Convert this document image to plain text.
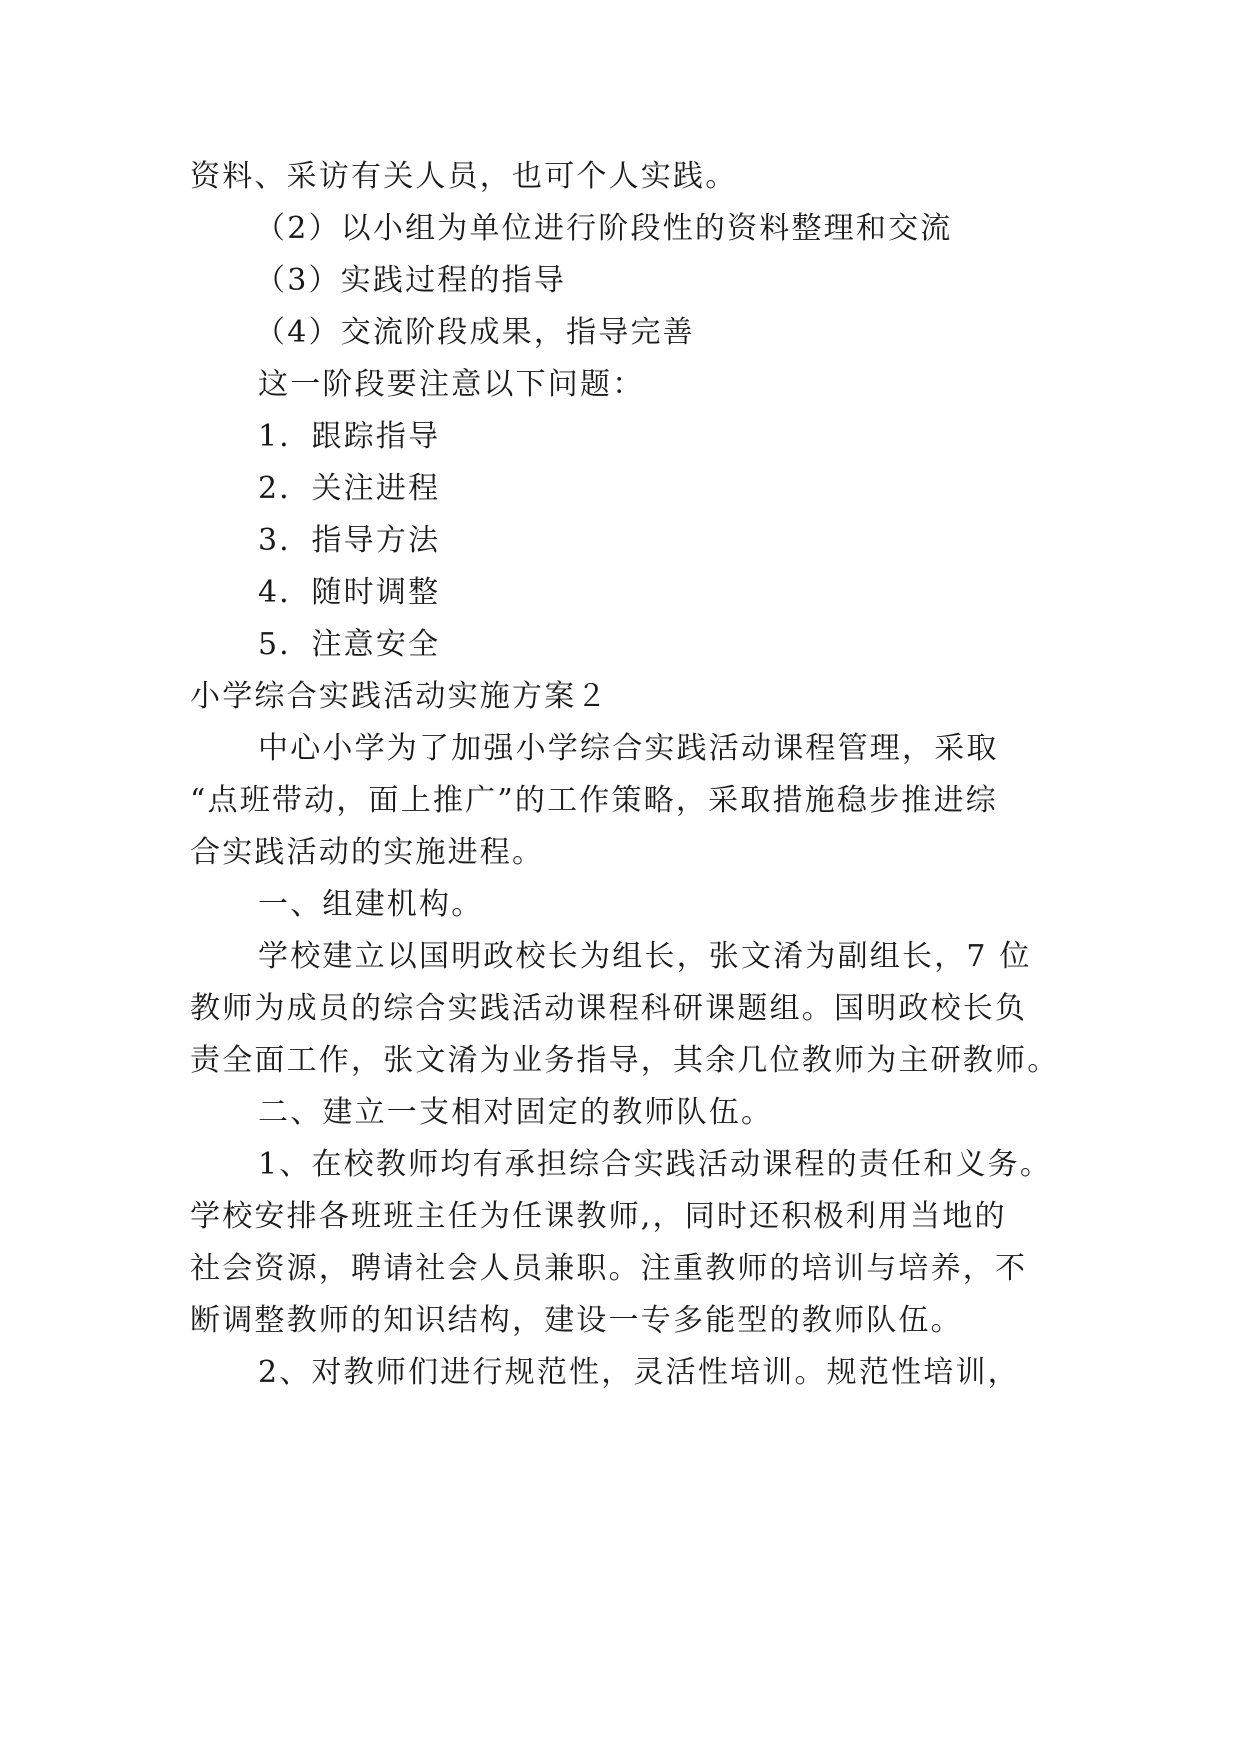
资料、采访有关人员，也可个人实践。
（2）以小组为单位进行阶段性的资料整理和交流
（3）实践过程的指导
（4）交流阶段成果，指导完善
这一阶段要注意以下问题：
1．跟踪指导
2．关注进程
3．指导方法
4．随时调整
5．注意安全
小学综合实践活动实施方案２
中心小学为了加强小学综合实践活动课程管理，采取
“点班带动，面上推广”的工作策略，采取措施稳步推进综
合实践活动的实施进程。
一、组建机构。
学校建立以国明政校长为组长，张文淆为副组长，7 位
教师为成员的综合实践活动课程科研课题组。国明政校长负
责全面工作，张文淆为业务指导，其余几位教师为主研教师。
二、建立一支相对固定的教师队伍。
1、在校教师均有承担综合实践活动课程的责任和义务。
学校安排各班班主任为任课教师,，同时还积极利用当地的
社会资源，聘请社会人员兼职。注重教师的培训与培养，不
断调整教师的知识结构，建设一专多能型的教师队伍。
2、对教师们进行规范性，灵活性培训。规范性培训，
